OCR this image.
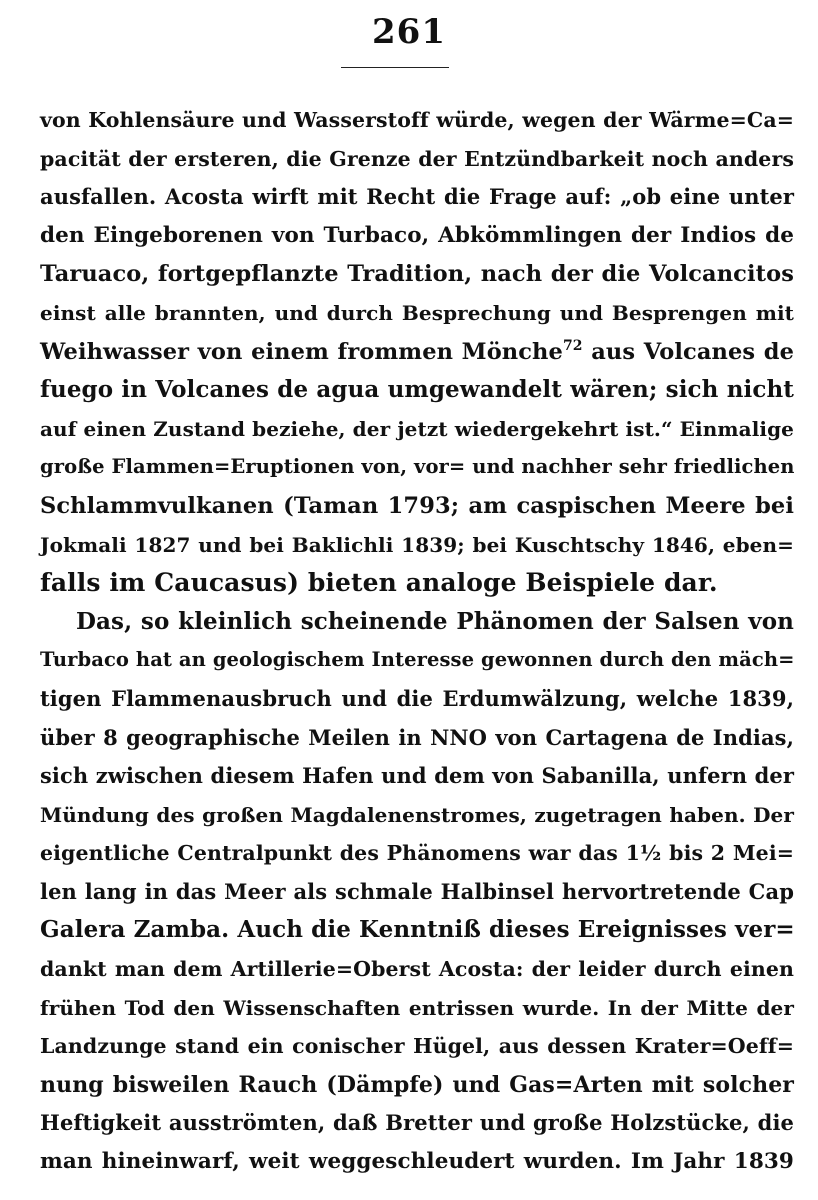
261
von Kohlensäure und Wasserstoff würde, wegen der Wärme=Ca=
pacität der ersteren, die Grenze der Entzündbarkeit noch anders
ausfallen. Acosta wirft mit Recht die Frage auf: „ob eine unter
den Eingeborenen von Turbaco, Abkömmlingen der Indios de
Taruaco, fortgepflanzte Tradition, nach der die Volcancitos
einst alle brannten, und durch Besprechung und Besprengen mit
Weihwasser von einem frommen Mönche$^{72}$ aus Volcanes de
fuego in Volcanes de agua umgewandelt wären; sich nicht
auf einen Zustand beziehe, der jetzt wiedergekehrt ist.“ Einmalige
große Flammen=Eruptionen von, vor= und nachher sehr friedlichen
Schlammvulkanen (Taman 1793; am caspischen Meere bei
Jokmali 1827 und bei Baklichli 1839; bei Kuschtschy 1846, eben=
falls im Caucasus) bieten analoge Beispiele dar.
Das, so kleinlich scheinende Phänomen der Salsen von
Turbaco hat an geologischem Interesse gewonnen durch den mäch=
tigen Flammenausbruch und die Erdumwälzung, welche 1839,
über 8 geographische Meilen in NNO von Cartagena de Indias,
sich zwischen diesem Hafen und dem von Sabanilla, unfern der
Mündung des großen Magdalenenstromes, zugetragen haben. Der
eigentliche Centralpunkt des Phänomens war das 1½ bis 2 Mei=
len lang in das Meer als schmale Halbinsel hervortretende Cap
Galera Zamba. Auch die Kenntniß dieses Ereignisses ver=
dankt man dem Artillerie=Oberst Acosta: der leider durch einen
frühen Tod den Wissenschaften entrissen wurde. In der Mitte der
Landzunge stand ein conischer Hügel, aus dessen Krater=Oeff=
nung bisweilen Rauch (Dämpfe) und Gas=Arten mit solcher
Heftigkeit ausströmten, daß Bretter und große Holzstücke, die
man hineinwarf, weit weggeschleudert wurden. Im Jahr 1839
